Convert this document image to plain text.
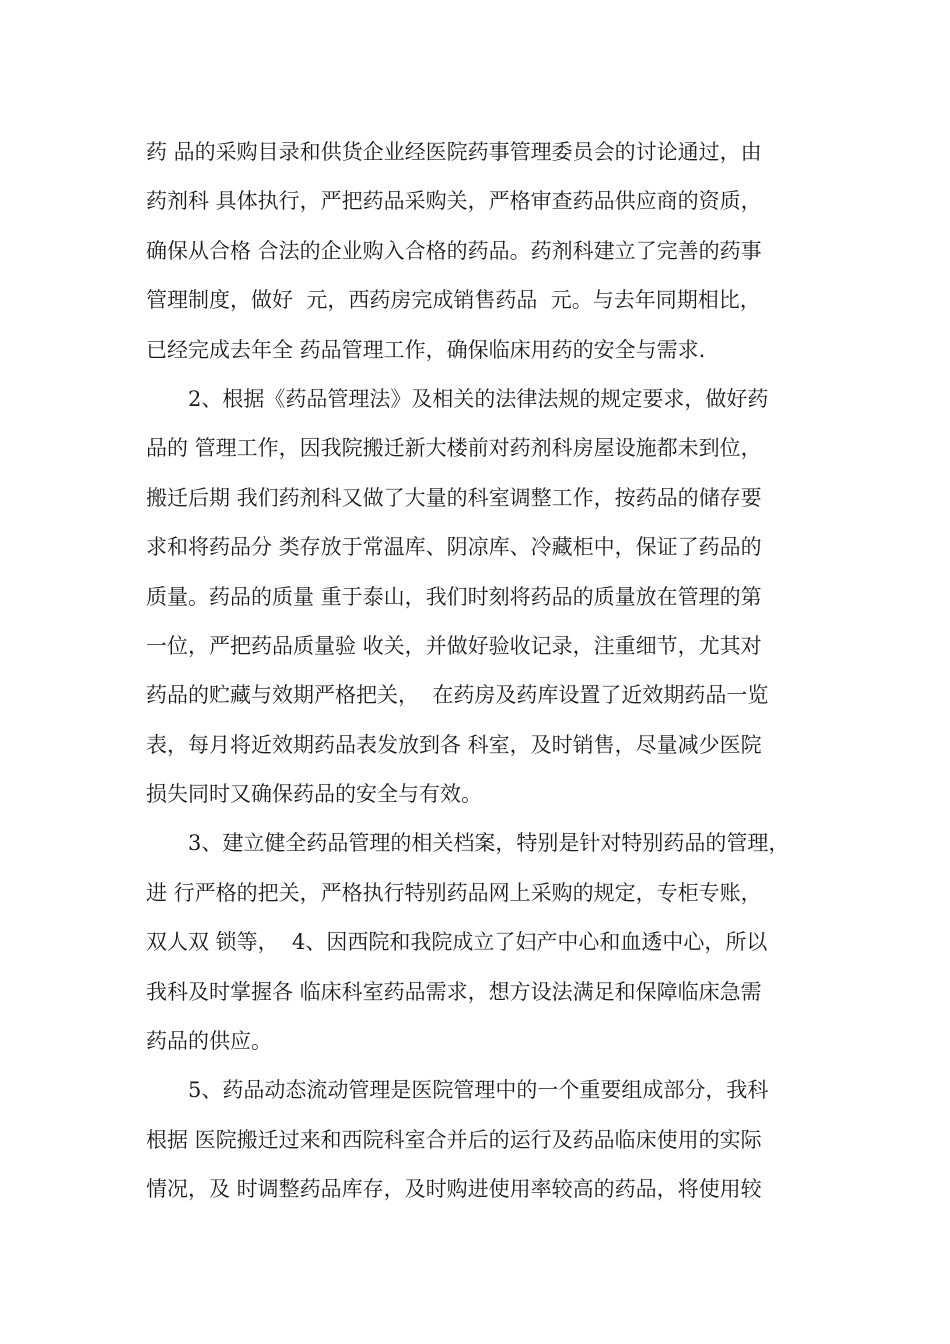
药 品的采购目录和供货企业经医院药事管理委员会的讨论通过，由
药剂科 具体执行，严把药品采购关，严格审查药品供应商的资质，
确保从合格 合法的企业购入合格的药品。药剂科建立了完善的药事
管理制度，做好  元，西药房完成销售药品  元。与去年同期相比，
已经完成去年全 药品管理工作，确保临床用药的安全与需求.
2、根据《药品管理法》及相关的法律法规的规定要求，做好药
品的 管理工作，因我院搬迁新大楼前对药剂科房屋设施都未到位，
搬迁后期 我们药剂科又做了大量的科室调整工作，按药品的储存要
求和将药品分 类存放于常温库、阴凉库、冷藏柜中，保证了药品的
质量。药品的质量 重于泰山，我们时刻将药品的质量放在管理的第
一位，严把药品质量验 收关，并做好验收记录，注重细节，尤其对
药品的贮藏与效期严格把关，  在药房及药库设置了近效期药品一览
表，每月将近效期药品表发放到各 科室，及时销售，尽量减少医院
损失同时又确保药品的安全与有效。
3、建立健全药品管理的相关档案，特别是针对特别药品的管理，
进 行严格的把关，严格执行特别药品网上采购的规定，专柜专账，
双人双 锁等，  4、因西院和我院成立了妇产中心和血透中心，所以
我科及时掌握各 临床科室药品需求，想方设法满足和保障临床急需
药品的供应。
5、药品动态流动管理是医院管理中的一个重要组成部分，我科
根据 医院搬迁过来和西院科室合并后的运行及药品临床使用的实际
情况，及 时调整药品库存，及时购进使用率较高的药品，将使用较
